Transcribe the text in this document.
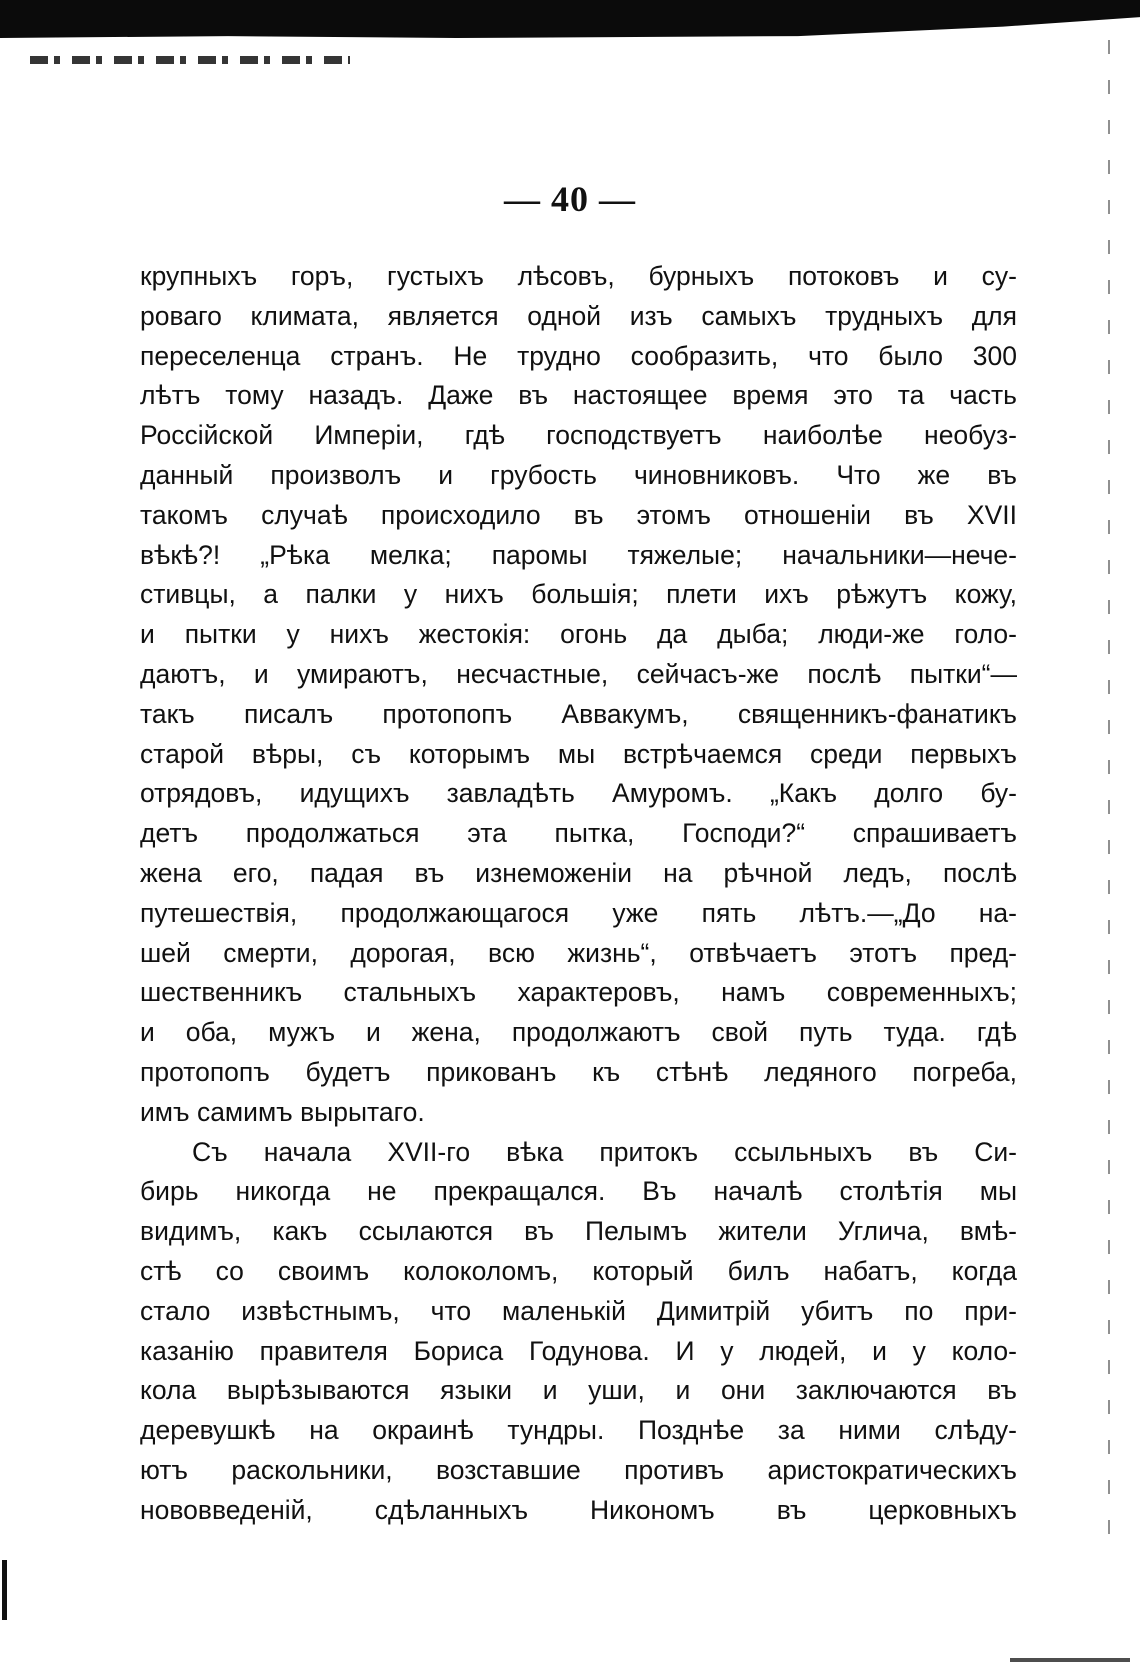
— 40 —
крупныхъ горъ, густыхъ лѣсовъ, бурныхъ потоковъ и су-
роваго климата, является одной изъ самыхъ трудныхъ для
переселенца странъ. Не трудно сообразить, что было 300
лѣтъ тому назадъ. Даже въ настоящее время это та часть
Россійской Имперіи, гдѣ господствуетъ наиболѣе необуз-
данный произволъ и грубость чиновниковъ. Что же въ
такомъ случаѣ происходило въ этомъ отношеніи въ XVII
вѣкѣ?! „Рѣка мелка; паромы тяжелые; начальники—нече-
стивцы, а палки у нихъ большія; плети ихъ рѣжутъ кожу,
и пытки у нихъ жестокія: огонь да дыба; люди-же голо-
даютъ, и умираютъ, несчастные, сейчасъ-же послѣ пытки“—
такъ писалъ протопопъ Аввакумъ, священникъ-фанатикъ
старой вѣры, съ которымъ мы встрѣчаемся среди первыхъ
отрядовъ, идущихъ завладѣть Амуромъ. „Какъ долго бу-
детъ продолжаться эта пытка, Господи?“ спрашиваетъ
жена его, падая въ изнеможеніи на рѣчной ледъ, послѣ
путешествія, продолжающагося уже пять лѣтъ.—„До на-
шей смерти, дорогая, всю жизнь“, отвѣчаетъ этотъ пред-
шественникъ стальныхъ характеровъ, намъ современныхъ;
и оба, мужъ и жена, продолжаютъ свой путь туда. гдѣ
протопопъ будетъ прикованъ къ стѣнѣ ледяного погреба,
имъ самимъ вырытаго.
Съ начала XVII-го вѣка притокъ ссыльныхъ въ Си-
бирь никогда не прекращался. Въ началѣ столѣтія мы
видимъ, какъ ссылаются въ Пелымъ жители Углича, вмѣ-
стѣ со своимъ колоколомъ, который билъ набатъ, когда
стало извѣстнымъ, что маленькій Димитрій убитъ по при-
казанію правителя Бориса Годунова. И у людей, и у коло-
кола вырѣзываются языки и уши, и они заключаются въ
деревушкѣ на окраинѣ тундры. Позднѣе за ними слѣду-
ютъ раскольники, возставшие противъ аристократическихъ
нововведеній, сдѣланныхъ Никономъ въ церковныхъ
